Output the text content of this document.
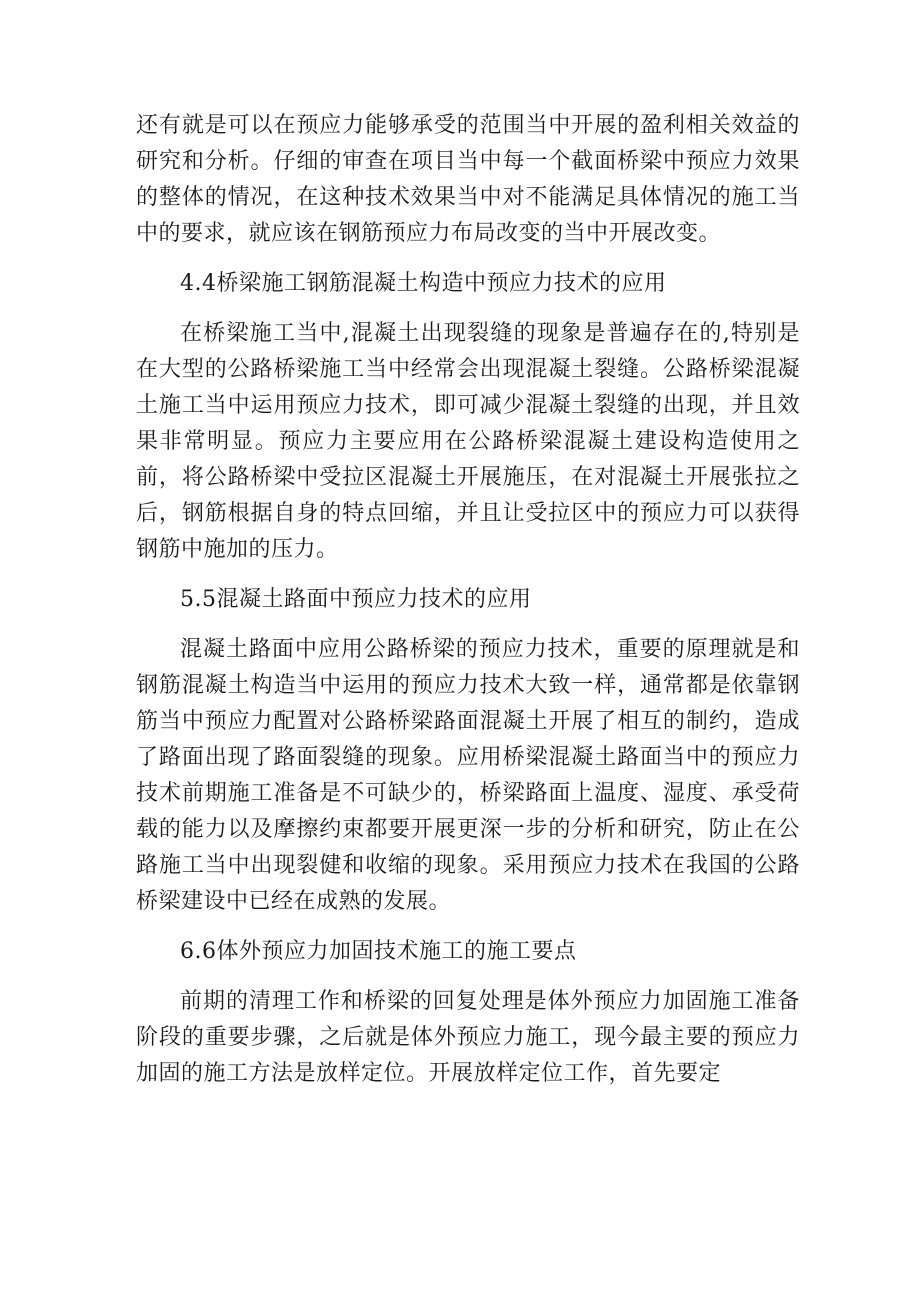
还有就是可以在预应力能够承受的范围当中开展的盈利相关效益的研究和分析。仔细的审查在项目当中每一个截面桥梁中预应力效果的整体的情况，在这种技术效果当中对不能满足具体情况的施工当中的要求，就应该在钢筋预应力布局改变的当中开展改变。

4.4桥梁施工钢筋混凝土构造中预应力技术的应用

在桥梁施工当中,混凝土出现裂缝的现象是普遍存在的,特别是在大型的公路桥梁施工当中经常会出现混凝土裂缝。公路桥梁混凝土施工当中运用预应力技术，即可减少混凝土裂缝的出现，并且效果非常明显。预应力主要应用在公路桥梁混凝土建设构造使用之前，将公路桥梁中受拉区混凝土开展施压，在对混凝土开展张拉之后，钢筋根据自身的特点回缩，并且让受拉区中的预应力可以获得钢筋中施加的压力。

5.5混凝土路面中预应力技术的应用

混凝土路面中应用公路桥梁的预应力技术，重要的原理就是和钢筋混凝土构造当中运用的预应力技术大致一样，通常都是依靠钢筋当中预应力配置对公路桥梁路面混凝土开展了相互的制约，造成了路面出现了路面裂缝的现象。应用桥梁混凝土路面当中的预应力技术前期施工准备是不可缺少的，桥梁路面上温度、湿度、承受荷载的能力以及摩擦约束都要开展更深一步的分析和研究，防止在公路施工当中出现裂健和收缩的现象。采用预应力技术在我国的公路桥梁建设中已经在成熟的发展。

6.6体外预应力加固技术施工的施工要点

前期的清理工作和桥梁的回复处理是体外预应力加固施工准备阶段的重要步骤，之后就是体外预应力施工，现今最主要的预应力加固的施工方法是放样定位。开展放样定位工作，首先要定
